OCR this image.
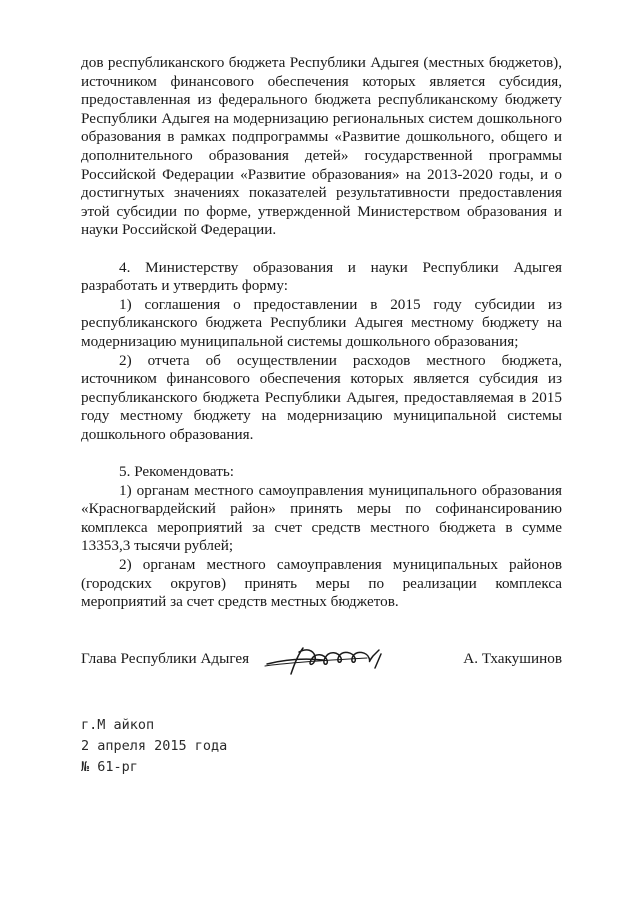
дов республиканского бюджета Республики Адыгея (местных бюджетов), источником финансового обеспечения которых является субсидия, предоставленная из федерального бюджета республиканскому бюджету Республики Адыгея на модернизацию региональных систем дошкольного образования в рамках подпрограммы «Развитие дошкольного, общего и дополнительного образования детей» государственной программы Российской Федерации «Развитие образования» на 2013-2020 годы, и о достигнутых значениях показателей результативности предоставления этой субсидии по форме, утвержденной Министерством образования и науки Российской Федерации.

4. Министерству образования и науки Республики Адыгея разработать и утвердить форму:

1) соглашения о предоставлении в 2015 году субсидии из республиканского бюджета Республики Адыгея местному бюджету на модернизацию муниципальной системы дошкольного образования;

2) отчета об осуществлении расходов местного бюджета, источником финансового обеспечения которых является субсидия из республиканского бюджета Республики Адыгея, предоставляемая в 2015 году местному бюджету на модернизацию муниципальной системы дошкольного образования.

5. Рекомендовать:

1) органам местного самоуправления муниципального образования «Красногвардейский район» принять меры по софинансированию комплекса мероприятий за счет средств местного бюджета в сумме 13353,3 тысячи рублей;

2) органам местного самоуправления муниципальных районов (городских округов) принять меры по реализации комплекса мероприятий за счет средств местных бюджетов.

Глава Республики Адыгея	А. Тхакушинов
г.М айкоп
2 апреля 2015 года
№ 61-рг
